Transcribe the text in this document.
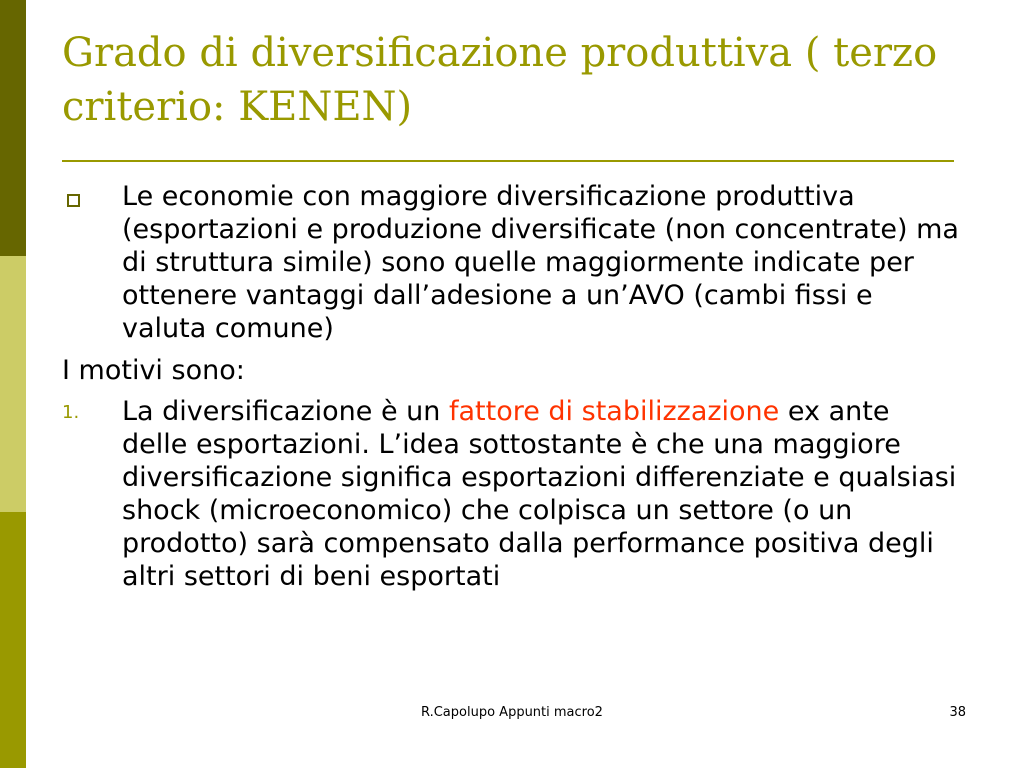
Grado di diversificazione produttiva ( terzo criterio: KENEN)
Le economie con maggiore diversificazione produttiva (esportazioni e produzione diversificate (non concentrate) ma di struttura simile) sono quelle maggiormente indicate per ottenere vantaggi dall’adesione a un’AVO (cambi fissi e valuta comune)
I motivi sono:
1. La diversificazione è un fattore di stabilizzazione ex ante delle esportazioni. L’idea sottostante è che una maggiore diversificazione significa esportazioni differenziate e qualsiasi shock (microeconomico) che colpisca un settore (o un prodotto) sarà compensato dalla performance positiva degli altri settori di beni esportati
R.Capolupo Appunti macro2	38
